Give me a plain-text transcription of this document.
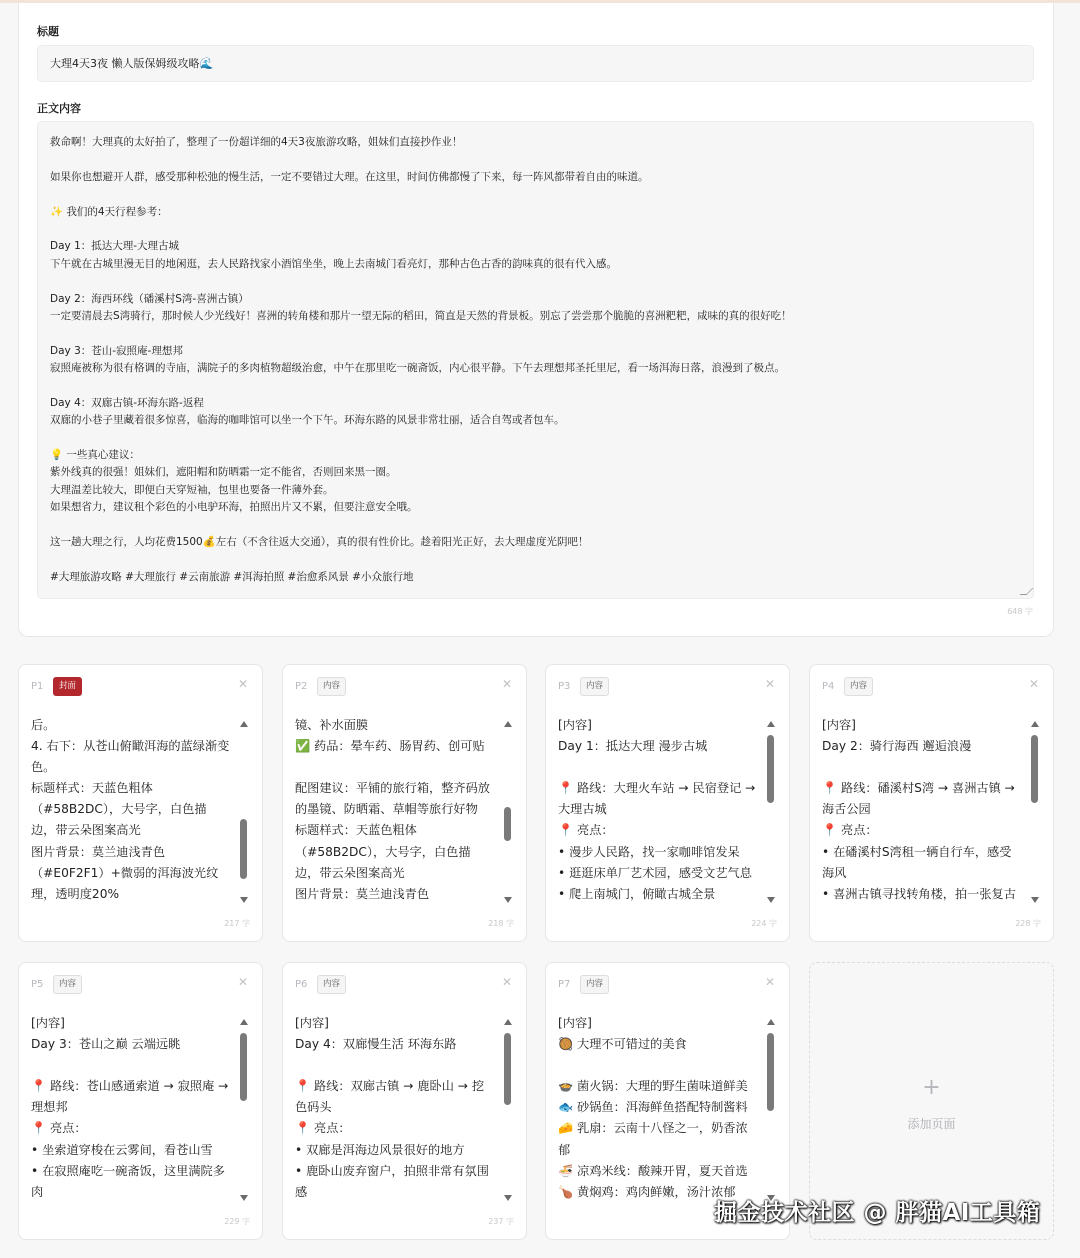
标题
大理4天3夜 懒人版保姆级攻略🌊
正文内容
救命啊！大理真的太好拍了，整理了一份超详细的4天3夜旅游攻略，姐妹们直接抄作业！
如果你也想避开人群，感受那种松弛的慢生活，一定不要错过大理。在这里，时间仿佛都慢了下来，每一阵风都带着自由的味道。
✨ 我们的4天行程参考：
Day 1：抵达大理-大理古城
下午就在古城里漫无目的地闲逛，去人民路找家小酒馆坐坐，晚上去南城门看亮灯，那种古色古香的韵味真的很有代入感。
Day 2：海西环线（磻溪村S湾-喜洲古镇）
一定要清晨去S湾骑行，那时候人少光线好！喜洲的转角楼和那片一望无际的稻田，简直是天然的背景板。别忘了尝尝那个脆脆的喜洲粑粑，咸味的真的很好吃！
Day 3：苍山-寂照庵-理想邦
寂照庵被称为很有格调的寺庙，满院子的多肉植物超级治愈，中午在那里吃一碗斋饭，内心很平静。下午去理想邦圣托里尼，看一场洱海日落，浪漫到了极点。
Day 4：双廊古镇-环海东路-返程
双廊的小巷子里藏着很多惊喜，临海的咖啡馆可以坐一个下午。环海东路的风景非常壮丽，适合自驾或者包车。
💡 一些真心建议：
紫外线真的很强！姐妹们，遮阳帽和防晒霜一定不能省，否则回来黑一圈。
大理温差比较大，即便白天穿短袖，包里也要备一件薄外套。
如果想省力，建议租个彩色的小电驴环海，拍照出片又不累，但要注意安全哦。
这一趟大理之行，人均花费1500💰左右（不含往返大交通），真的很有性价比。趁着阳光正好，去大理虚度光阴吧！
#大理旅游攻略 #大理旅行 #云南旅游 #洱海拍照 #治愈系风景 #小众旅行地
648 字
P1	封面	✕
后。
4. 右下：从苍山俯瞰洱海的蓝绿渐变
色。
标题样式：天蓝色粗体
（#58B2DC），大号字，白色描
边，带云朵图案高光
图片背景：莫兰迪浅青色
（#E0F2F1）+微弱的洱海波光纹
理，透明度20%
217 字
P2	内容	✕
镜、补水面膜
✅ 药品：晕车药、肠胃药、创可贴
配图建议：平铺的旅行箱，整齐码放
的墨镜、防晒霜、草帽等旅行好物
标题样式：天蓝色粗体
（#58B2DC），大号字，白色描
边，带云朵图案高光
图片背景：莫兰迪浅青色
218 字
P3	内容	✕
[内容]
Day 1：抵达大理 漫步古城
📍 路线：大理火车站 → 民宿登记 →
大理古城
📍 亮点：
• 漫步人民路，找一家咖啡馆发呆
• 逛逛床单厂艺术园，感受文艺气息
• 爬上南城门，俯瞰古城全景
224 字
P4	内容	✕
[内容]
Day 2：骑行海西 邂逅浪漫
📍 路线：磻溪村S湾 → 喜洲古镇 →
海舌公园
📍 亮点：
• 在磻溪村S湾租一辆自行车，感受
海风
• 喜洲古镇寻找转角楼，拍一张复古
228 字
P5	内容	✕
[内容]
Day 3：苍山之巅 云端远眺
📍 路线：苍山感通索道 → 寂照庵 →
理想邦
📍 亮点：
• 坐索道穿梭在云雾间，看苍山雪
• 在寂照庵吃一碗斋饭，这里满院多
肉
229 字
P6	内容	✕
[内容]
Day 4：双廊慢生活 环海东路
📍 路线：双廊古镇 → 鹿卧山 → 挖
色码头
📍 亮点：
• 双廊是洱海边风景很好的地方
• 鹿卧山废弃窗户，拍照非常有氛围
感
237 字
P7	内容	✕
[内容]
🥘 大理不可错过的美食
🍲 菌火锅：大理的野生菌味道鲜美
🐟 砂锅鱼：洱海鲜鱼搭配特制酱料
🧀 乳扇：云南十八怪之一，奶香浓
郁
🍜 凉鸡米线：酸辣开胃，夏天首选
🍗 黄焖鸡：鸡肉鲜嫩，汤汁浓郁
+
添加页面
掘金技术社区 @ 胖猫AI工具箱
